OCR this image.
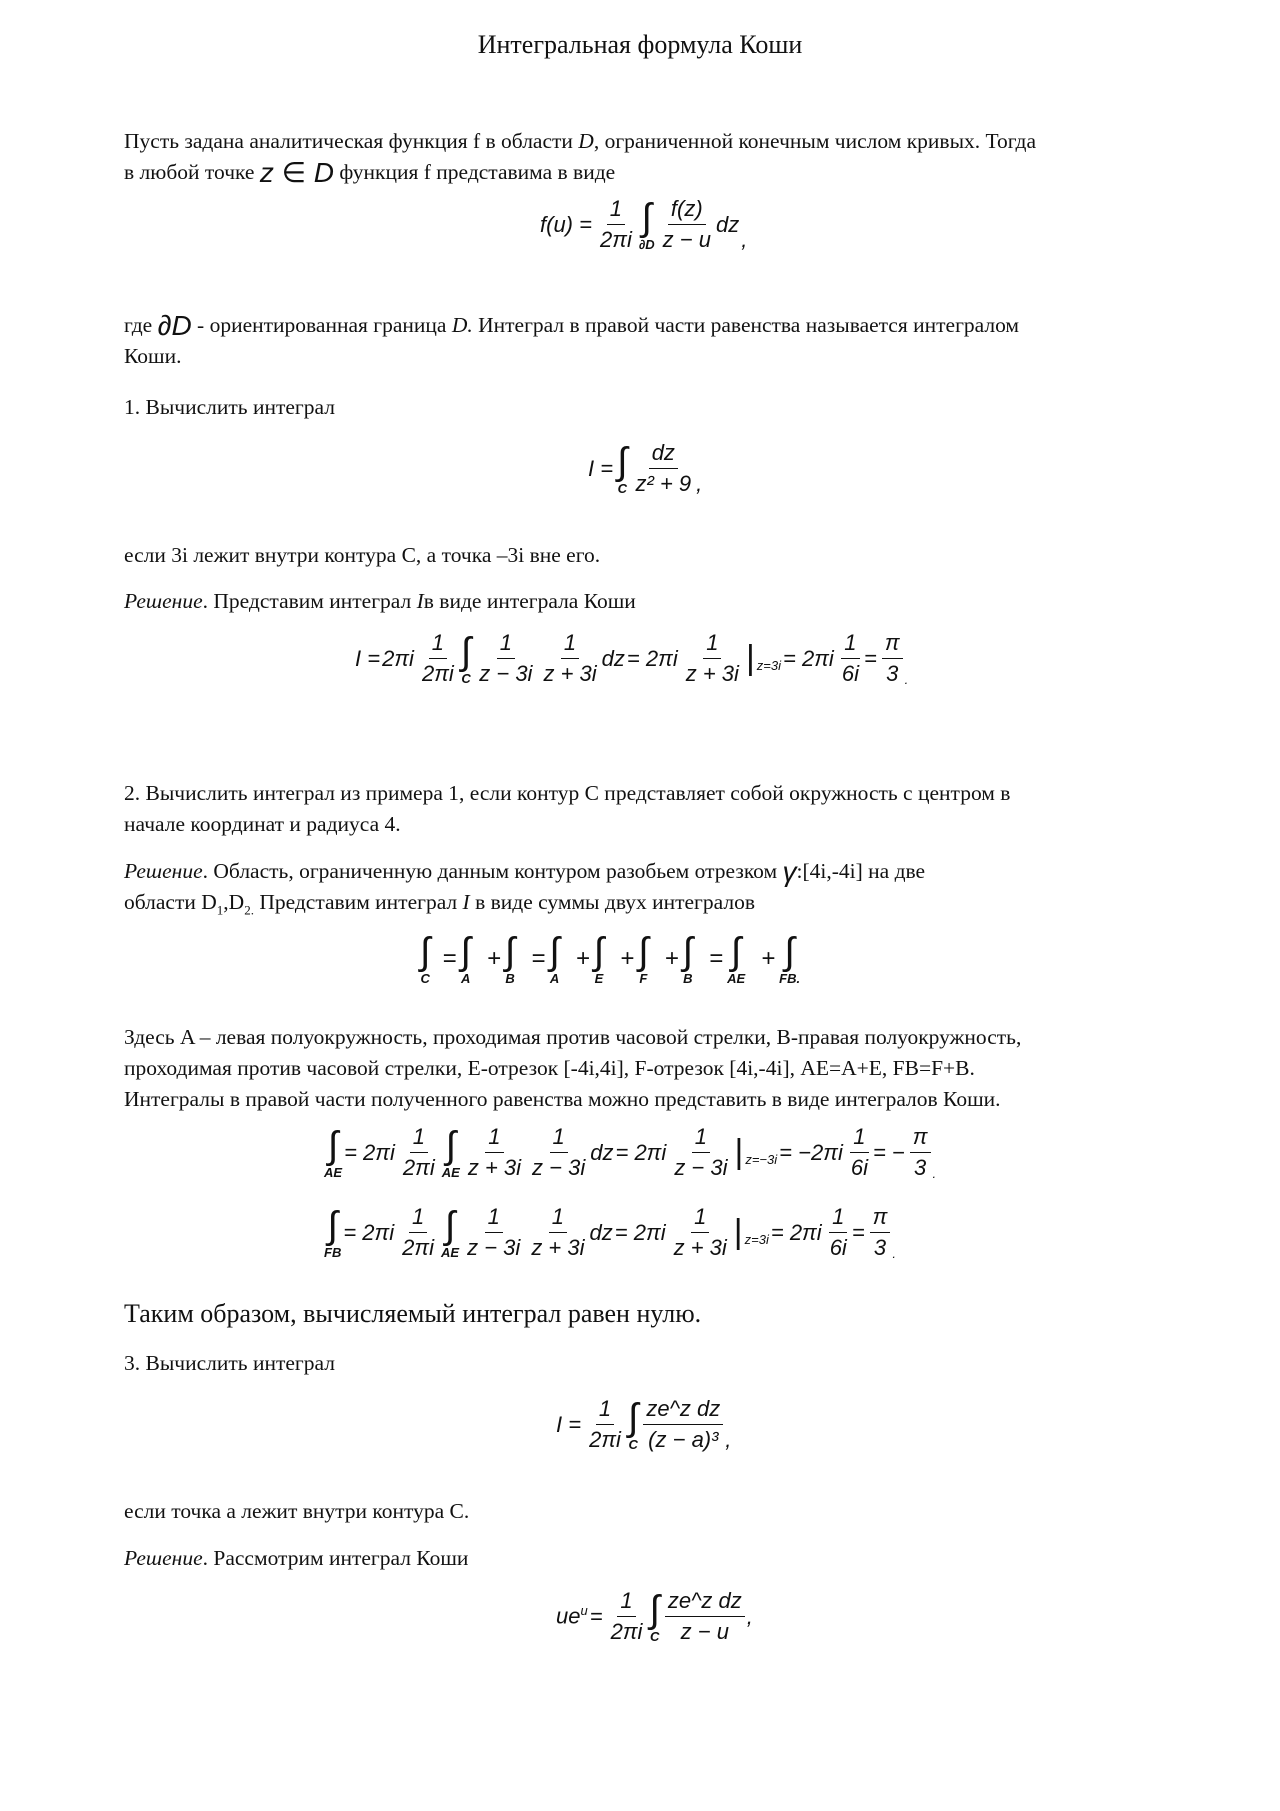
Интегральная формула Коши
Пусть задана аналитическая функция f в области D, ограниченной конечным числом кривых. Тогда
в любой точке z ∈ D функция f представима в виде
$f(u) = \frac{1}{2\pi i}$ ∫
∂D
f(z)
z − u
dz
,
где ∂D - ориентированная граница D. Интеграл в правой части равенства называется интегралом
Коши.
1. Вычислить интеграл
I = ∫
C
dz
z² + 9 ,
если 3i лежит внутри контура C, а точка –3i вне его.
Решение. Представим интеграл Iв виде интеграла Коши
I = 2πi
1
2πi
∫
C
1
z − 3i
1
z + 3i
dz = 2πi
1
z + 3i | $z=3i = 2\pi i \frac{1}{6i} = \frac{\pi}{3}$ .
2. Вычислить интеграл из примера 1, если контур C представляет собой окружность с центром в
начале координат и радиуса 4.
Решение. Область, ограниченную данным контуром разобьем отрезком γ:[4i,-4i] на две
области $D_1,D_{2.}$ Представим интеграл I в виде суммы двух интегралов
∫
C
= ∫
A
+ ∫
B
= ∫
A
+ ∫
E
+ ∫
F
+ ∫
B
= ∫
AE
+ ∫
FB.
Здесь A – левая полуокружность, проходимая против часовой стрелки, B-правая полуокружность,
проходимая против часовой стрелки, E-отрезок [-4i,4i], F-отрезок [4i,-4i], AE=A+E, FB=F+B.
Интегралы в правой части полученного равенства можно представить в виде интегралов Коши.
∫
AE
= 2πi
1
2πi
∫
AE
1
z + 3i
1
z − 3i
dz = 2πi
1
z − 3i | $z=-3i = -2\pi i \frac{1}{6i}$ = − $\frac{\pi}{3}$ .
∫
FB
= 2πi
1
2πi
∫
AE
1
z − 3i
1
z + 3i
dz = 2πi
1
z + 3i | $z=3i = 2\pi i \frac{1}{6i} = \frac{\pi}{3}$ .
Таким образом, вычисляемый интеграл равен нулю.
3. Вычислить интеграл
$I = \frac{1}{2\pi i}$ ∫
C
ze^z dz
(z − a)³ ,
если точка a лежит внутри контура C.
Решение. Рассмотрим интеграл Коши
$ue^u = \frac{1}{2\pi i}$ ∫
C
ze^z dz
z − u
,
